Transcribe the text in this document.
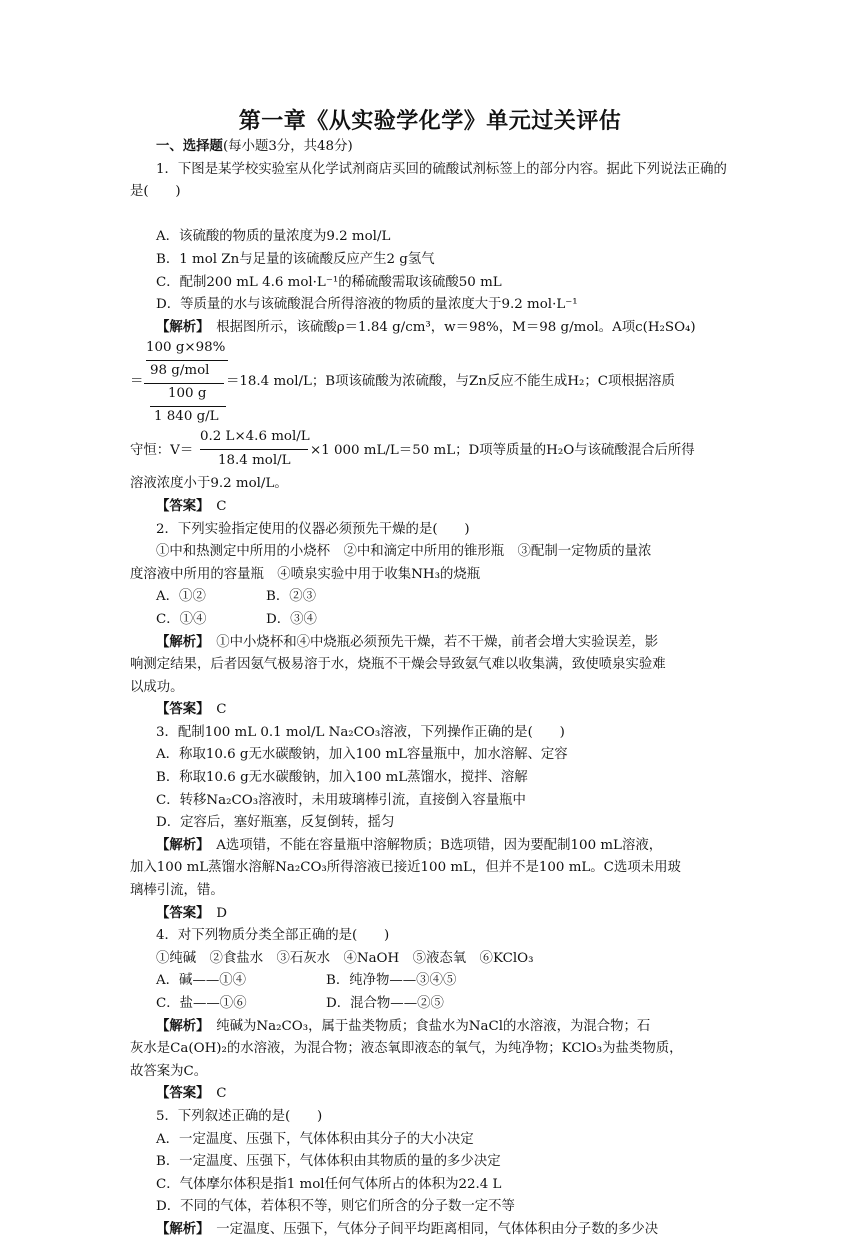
第一章《从实验学化学》单元过关评估

一、选择题(每小题3分，共48分)

1．下图是某学校实验室从化学试剂商店买回的硫酸试剂标签上的部分内容。据此下列说法正确的是(　　)

A．该硫酸的物质的量浓度为9.2 mol/L

B．1 mol Zn与足量的该硫酸反应产生2 g氢气

C．配制200 mL 4.6 mol·L⁻¹的稀硫酸需取该硫酸50 mL

D．等质量的水与该硫酸混合所得溶液的物质的量浓度大于9.2 mol·L⁻¹

【解析】　 根据图所示，该硫酸ρ＝1.84 g/cm³，w＝98%，M＝98 g/mol。A项c(H₂SO₄)

100 g×98%
98 g/mol
＝	＝18.4 mol/L；B项该硫酸为浓硫酸，与Zn反应不能生成H₂；C项根据溶质
100 g
1 840 g/L
守恒：V＝
0.2 L×4.6 mol/L
18.4 mol/L
×1 000 mL/L＝50 mL；D项等质量的H₂O与该硫酸混合后所得

溶液浓度小于9.2 mol/L。

【答案】　 C

2．下列实验指定使用的仪器必须预先干燥的是(　　)

①中和热测定中所用的小烧杯　②中和滴定中所用的锥形瓶　③配制一定物质的量浓

度溶液中所用的容量瓶　④喷泉实验中用于收集NH₃的烧瓶

A．①②	B．②③

C．①④	D．③④

【解析】　 ①中小烧杯和④中烧瓶必须预先干燥，若不干燥，前者会增大实验误差，影

响测定结果，后者因氨气极易溶于水，烧瓶不干燥会导致氨气难以收集满，致使喷泉实验难

以成功。

【答案】　 C

3．配制100 mL 0.1 mol/L Na₂CO₃溶液，下列操作正确的是(　　)

A．称取10.6 g无水碳酸钠，加入100 mL容量瓶中，加水溶解、定容

B．称取10.6 g无水碳酸钠，加入100 mL蒸馏水，搅拌、溶解

C．转移Na₂CO₃溶液时，未用玻璃棒引流，直接倒入容量瓶中

D．定容后，塞好瓶塞，反复倒转，摇匀

【解析】　 A选项错，不能在容量瓶中溶解物质；B选项错，因为要配制100 mL溶液，

加入100 mL蒸馏水溶解Na₂CO₃所得溶液已接近100 mL，但并不是100 mL。C选项未用玻

璃棒引流，错。

【答案】　 D

4．对下列物质分类全部正确的是(　　)

①纯碱　②食盐水　③石灰水　④NaOH　⑤液态氧　⑥KClO₃

A．碱——①④	B．纯净物——③④⑤

C．盐——①⑥	D．混合物——②⑤

【解析】　 纯碱为Na₂CO₃，属于盐类物质；食盐水为NaCl的水溶液，为混合物；石

灰水是Ca(OH)₂的水溶液，为混合物；液态氧即液态的氧气，为纯净物；KClO₃为盐类物质，

故答案为C。

【答案】　 C

5．下列叙述正确的是(　　)

A．一定温度、压强下，气体体积由其分子的大小决定

B．一定温度、压强下，气体体积由其物质的量的多少决定

C．气体摩尔体积是指1 mol任何气体所占的体积为22.4 L

D．不同的气体，若体积不等，则它们所含的分子数一定不等

【解析】　 一定温度、压强下，气体分子间平均距离相同，气体体积由分子数的多少决
